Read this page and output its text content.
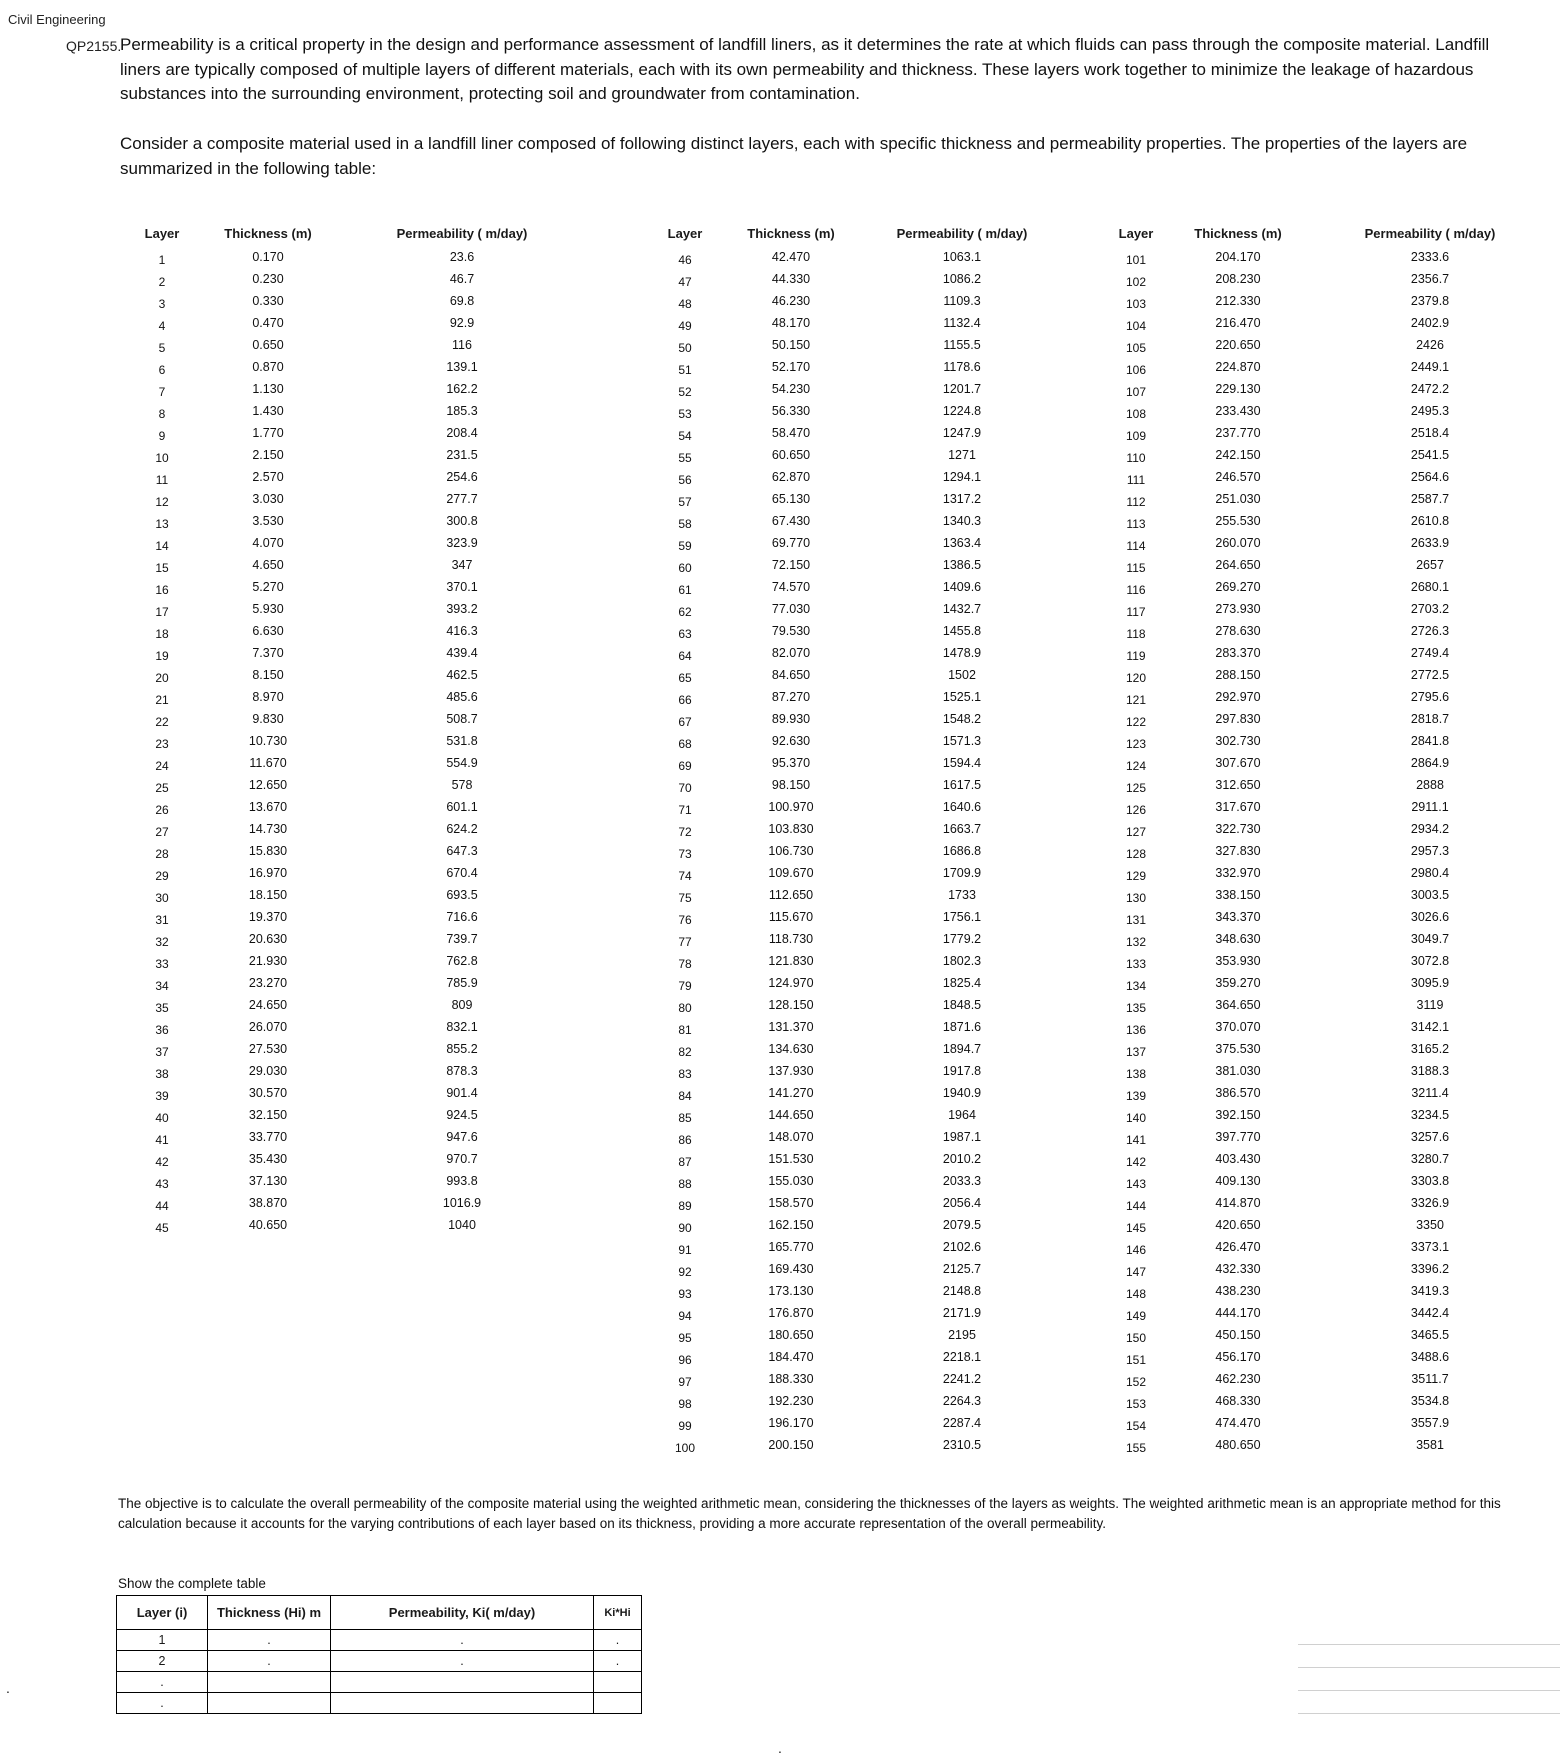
Civil Engineering
QP2155.

Permeability is a critical property in the design and performance assessment of landfill liners, as it determines the rate at which fluids can pass through the composite material. Landfill liners are typically composed of multiple layers of different materials, each with its own permeability and thickness. These layers work together to minimize the leakage of hazardous substances into the surrounding environment, protecting soil and groundwater from contamination.

Consider a composite material used in a landfill liner composed of following distinct layers, each with specific thickness and permeability properties. The properties of the layers are summarized in the following table:

Layer	Thickness (m)	Permeability ( m/day)
1	0.170	23.6
2	0.230	46.7
3	0.330	69.8
4	0.470	92.9
5	0.650	116
6	0.870	139.1
7	1.130	162.2
8	1.430	185.3
9	1.770	208.4
10	2.150	231.5
11	2.570	254.6
12	3.030	277.7
13	3.530	300.8
14	4.070	323.9
15	4.650	347
16	5.270	370.1
17	5.930	393.2
18	6.630	416.3
19	7.370	439.4
20	8.150	462.5
21	8.970	485.6
22	9.830	508.7
23	10.730	531.8
24	11.670	554.9
25	12.650	578
26	13.670	601.1
27	14.730	624.2
28	15.830	647.3
29	16.970	670.4
30	18.150	693.5
31	19.370	716.6
32	20.630	739.7
33	21.930	762.8
34	23.270	785.9
35	24.650	809
36	26.070	832.1
37	27.530	855.2
38	29.030	878.3
39	30.570	901.4
40	32.150	924.5
41	33.770	947.6
42	35.430	970.7
43	37.130	993.8
44	38.870	1016.9
45	40.650	1040
Layer	Thickness (m)	Permeability ( m/day)
46	42.470	1063.1
47	44.330	1086.2
48	46.230	1109.3
49	48.170	1132.4
50	50.150	1155.5
51	52.170	1178.6
52	54.230	1201.7
53	56.330	1224.8
54	58.470	1247.9
55	60.650	1271
56	62.870	1294.1
57	65.130	1317.2
58	67.430	1340.3
59	69.770	1363.4
60	72.150	1386.5
61	74.570	1409.6
62	77.030	1432.7
63	79.530	1455.8
64	82.070	1478.9
65	84.650	1502
66	87.270	1525.1
67	89.930	1548.2
68	92.630	1571.3
69	95.370	1594.4
70	98.150	1617.5
71	100.970	1640.6
72	103.830	1663.7
73	106.730	1686.8
74	109.670	1709.9
75	112.650	1733
76	115.670	1756.1
77	118.730	1779.2
78	121.830	1802.3
79	124.970	1825.4
80	128.150	1848.5
81	131.370	1871.6
82	134.630	1894.7
83	137.930	1917.8
84	141.270	1940.9
85	144.650	1964
86	148.070	1987.1
87	151.530	2010.2
88	155.030	2033.3
89	158.570	2056.4
90	162.150	2079.5
91	165.770	2102.6
92	169.430	2125.7
93	173.130	2148.8
94	176.870	2171.9
95	180.650	2195
96	184.470	2218.1
97	188.330	2241.2
98	192.230	2264.3
99	196.170	2287.4
100	200.150	2310.5
Layer	Thickness (m)	Permeability ( m/day)
101	204.170	2333.6
102	208.230	2356.7
103	212.330	2379.8
104	216.470	2402.9
105	220.650	2426
106	224.870	2449.1
107	229.130	2472.2
108	233.430	2495.3
109	237.770	2518.4
110	242.150	2541.5
111	246.570	2564.6
112	251.030	2587.7
113	255.530	2610.8
114	260.070	2633.9
115	264.650	2657
116	269.270	2680.1
117	273.930	2703.2
118	278.630	2726.3
119	283.370	2749.4
120	288.150	2772.5
121	292.970	2795.6
122	297.830	2818.7
123	302.730	2841.8
124	307.670	2864.9
125	312.650	2888
126	317.670	2911.1
127	322.730	2934.2
128	327.830	2957.3
129	332.970	2980.4
130	338.150	3003.5
131	343.370	3026.6
132	348.630	3049.7
133	353.930	3072.8
134	359.270	3095.9
135	364.650	3119
136	370.070	3142.1
137	375.530	3165.2
138	381.030	3188.3
139	386.570	3211.4
140	392.150	3234.5
141	397.770	3257.6
142	403.430	3280.7
143	409.130	3303.8
144	414.870	3326.9
145	420.650	3350
146	426.470	3373.1
147	432.330	3396.2
148	438.230	3419.3
149	444.170	3442.4
150	450.150	3465.5
151	456.170	3488.6
152	462.230	3511.7
153	468.330	3534.8
154	474.470	3557.9
155	480.650	3581

The objective is to calculate the overall permeability of the composite material using the weighted arithmetic mean, considering the thicknesses of the layers as weights. The weighted arithmetic mean is an appropriate method for this calculation because it accounts for the varying contributions of each layer based on its thickness, providing a more accurate representation of the overall permeability.

Show the complete table
Layer (i)	Thickness (Hi) m	Permeability, Ki( m/day)	Ki*Hi
1	.	.	.
2	.	.	.
.			
.			
.
.
